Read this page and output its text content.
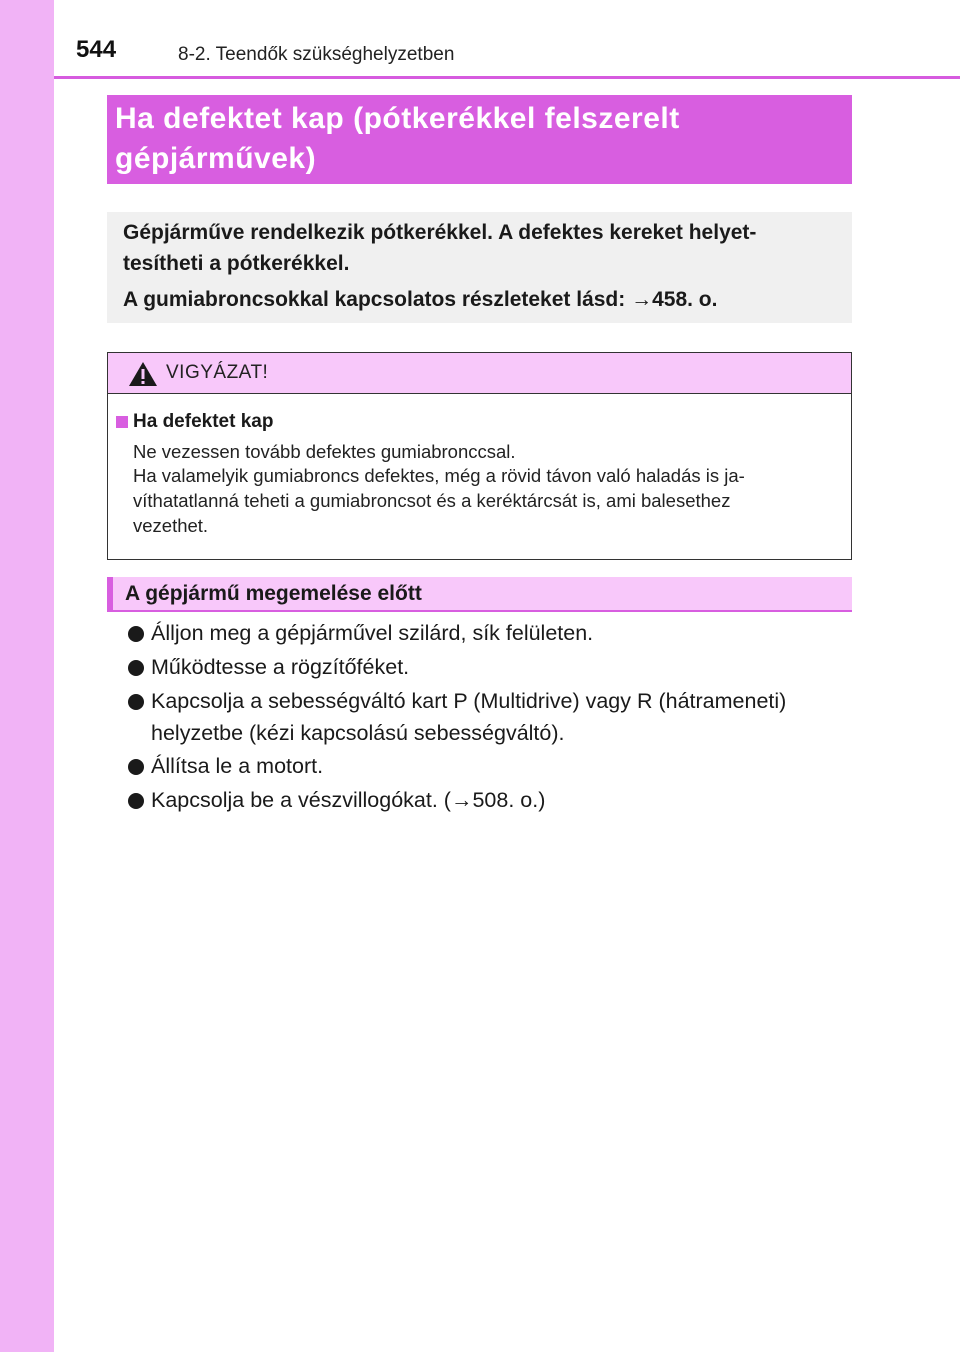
544	8-2. Teendők szükséghelyzetben
Ha defektet kap (pótkerékkel felszerelt
gépjárművek)
Gépjárműve rendelkezik pótkerékkel. A defektes kereket helyet-
tesítheti a pótkerékkel.
A gumiabroncsokkal kapcsolatos részleteket lásd: →458. o.
VIGYÁZAT!
Ha defektet kap
Ne vezessen tovább defektes gumiabronccsal.
Ha valamelyik gumiabroncs defektes, még a rövid távon való haladás is ja-
víthatatlanná teheti a gumiabroncsot és a keréktárcsát is, ami balesethez
vezethet.
A gépjármű megemelése előtt
Álljon meg a gépjárművel szilárd, sík felületen.
Működtesse a rögzítőféket.
Kapcsolja a sebességváltó kart P (Multidrive) vagy R (hátrameneti)
helyzetbe (kézi kapcsolású sebességváltó).
Állítsa le a motort.
Kapcsolja be a vészvillogókat. (→508. o.)
